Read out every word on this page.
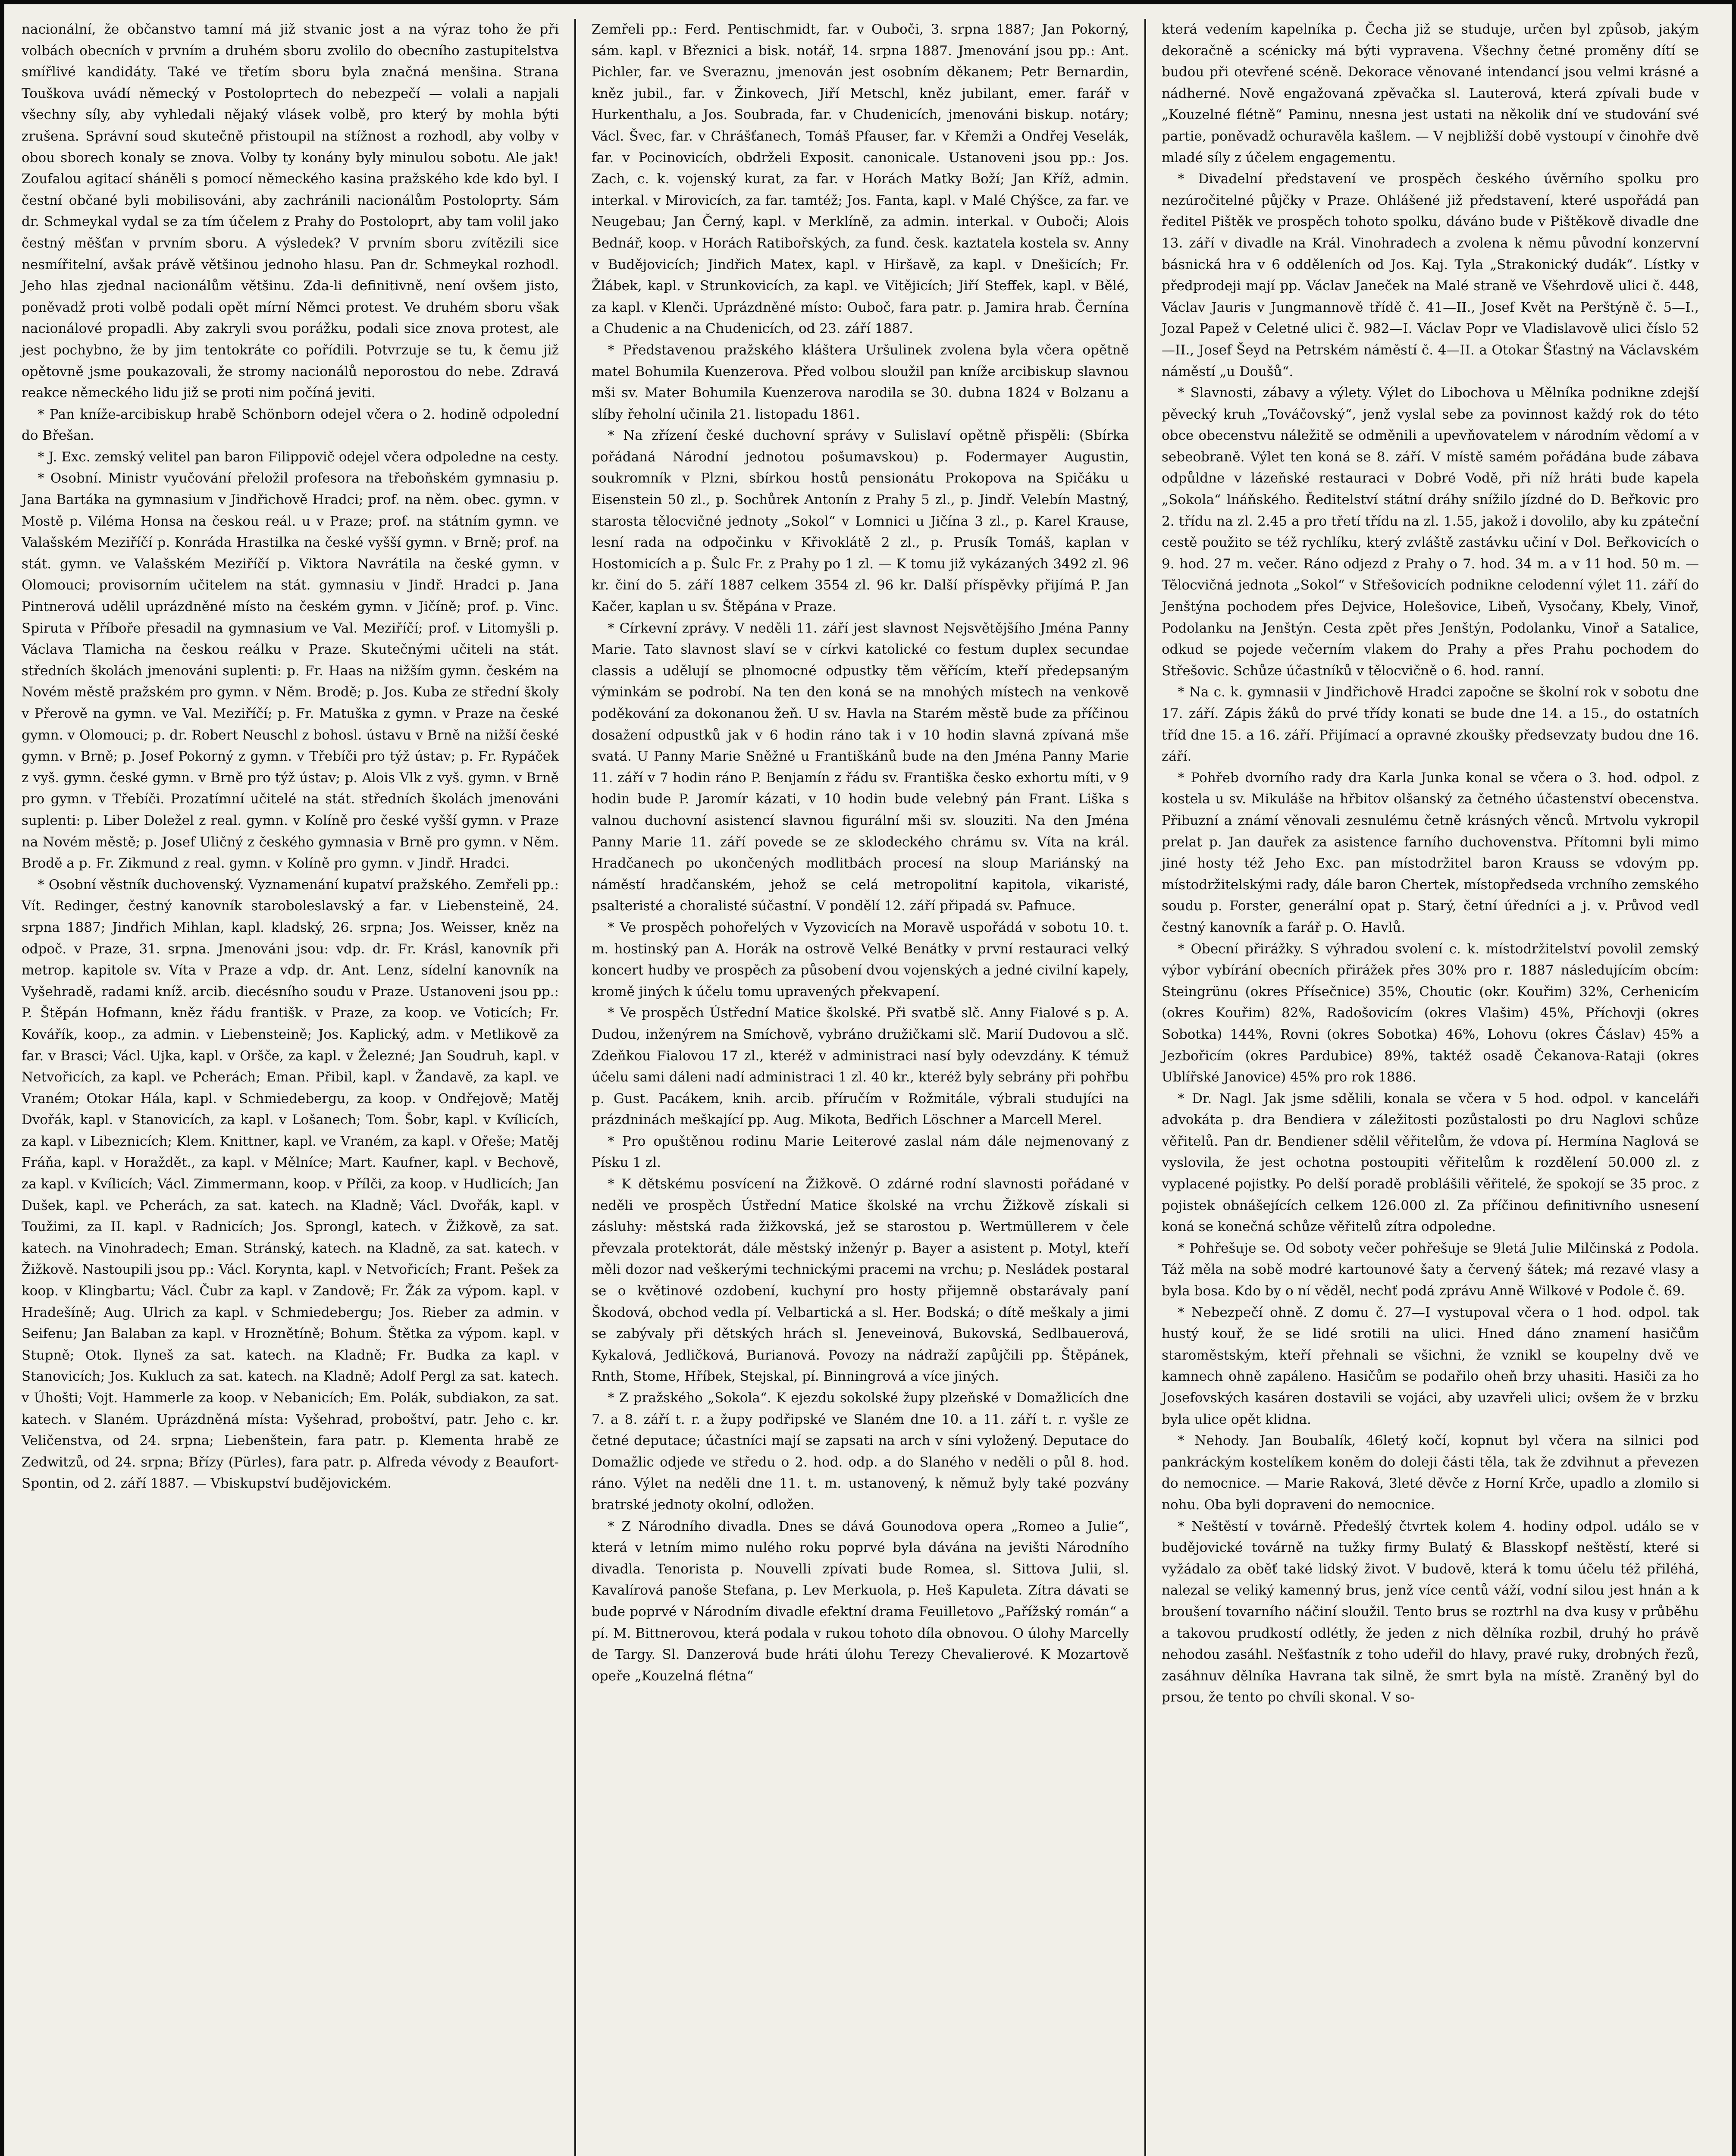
nacionální, že občanstvo tamní má již stvanic jost a na výraz toho že při volbách obecních v prvním a druhém sboru zvolilo do obecního zastupitelstva smířlivé kandidáty. Také ve třetím sboru byla značná menšina. Strana Touškova uvádí německý v Postoloprtech do nebezpečí — volali a napjali všechny síly, aby vyhledali nějaký vlásek volbě, pro který by mohla býti zrušena. Správní soud skutečně přistoupil na stížnost a rozhodl, aby volby v obou sborech konaly se znova. Volby ty konány byly minulou sobotu. Ale jak! Zoufalou agitací sháněli s pomocí německého kasina pražského kde kdo byl. I čestní občané byli mobilisováni, aby zachránili nacionálům Postoloprty. Sám dr. Schmeykal vydal se za tím účelem z Prahy do Postoloprt, aby tam volil jako čestný měšťan v prvním sboru. A výsledek? V prvním sboru zvítězili sice nesmířitelní, avšak právě většinou jednoho hlasu. Pan dr. Schmeykal rozhodl. Jeho hlas zjednal nacionálům většinu. Zda-li definitivně, není ovšem jisto, poněvadž proti volbě podali opět mírní Němci protest. Ve druhém sboru však nacionálové propadli. Aby zakryli svou porážku, podali sice znova protest, ale jest pochybno, že by jim tentokráte co pořídili. Potvrzuje se tu, k čemu již opětovně jsme poukazovali, že stromy nacionálů neporostou do nebe. Zdravá reakce německého lidu již se proti nim počíná jeviti.

* Pan kníže-arcibiskup hrabě Schönborn odejel včera o 2. hodině odpolední do Břešan.

* J. Exc. zemský velitel pan baron Filippovič odejel včera odpoledne na cesty.

* Osobní. Ministr vyučování přeložil profesora na třeboňském gymnasiu p. Jana Bartáka na gymnasium v Jindřichově Hradci; prof. na něm. obec. gymn. v Mostě p. Viléma Honsa na českou reál. u v Praze; prof. na státním gymn. ve Valašském Meziříčí p. Konráda Hrastilka na české vyšší gymn. v Brně; prof. na stát. gymn. ve Valašském Meziříčí p. Viktora Navrátila na české gymn. v Olomouci; provisorním učitelem na stát. gymnasiu v Jindř. Hradci p. Jana Pintnerová udělil uprázdněné místo na českém gymn. v Jičíně; prof. p. Vinc. Spiruta v Příboře přesadil na gymnasium ve Val. Meziříčí; prof. v Litomyšli p. Václava Tlamicha na českou reálku v Praze. Skutečnými učiteli na stát. středních školách jmenováni suplenti: p. Fr. Haas na nižším gymn. českém na Novém městě pražském pro gymn. v Něm. Brodě; p. Jos. Kuba ze střední školy v Přerově na gymn. ve Val. Meziříčí; p. Fr. Matuška z gymn. v Praze na české gymn. v Olomouci; p. dr. Robert Neuschl z bohosl. ústavu v Brně na nižší české gymn. v Brně; p. Josef Pokorný z gymn. v Třebíči pro týž ústav; p. Fr. Rypáček z vyš. gymn. české gymn. v Brně pro týž ústav; p. Alois Vlk z vyš. gymn. v Brně pro gymn. v Třebíči. Prozatímní učitelé na stát. středních školách jmenováni suplenti: p. Liber Doležel z real. gymn. v Kolíně pro české vyšší gymn. v Praze na Novém městě; p. Josef Uličný z českého gymnasia v Brně pro gymn. v Něm. Brodě a p. Fr. Zikmund z real. gymn. v Kolíně pro gymn. v Jindř. Hradci.

* Osobní věstník duchovenský. Vyznamenání kupatví pražského. Zemřeli pp.: Vít. Redinger, čestný kanovník staroboleslavský a far. v Liebensteině, 24. srpna 1887; Jindřich Mihlan, kapl. kladský, 26. srpna; Jos. Weisser, kněz na odpoč. v Praze, 31. srpna. Jmenováni jsou: vdp. dr. Fr. Krásl, kanovník při metrop. kapitole sv. Víta v Praze a vdp. dr. Ant. Lenz, sídelní kanovník na Vyšehradě, radami kníž. arcib. diecésního soudu v Praze. Ustanoveni jsou pp.: P. Štěpán Hofmann, kněz řádu františk. v Praze, za koop. ve Voticích; Fr. Kovářík, koop., za admin. v Liebensteině; Jos. Kaplický, adm. v Metlikově za far. v Brasci; Václ. Ujka, kapl. v Oršče, za kapl. v Železné; Jan Soudruh, kapl. v Netvořicích, za kapl. ve Pcherách; Eman. Přibil, kapl. v Žandavě, za kapl. ve Vraném; Otokar Hála, kapl. v Schmiedebergu, za koop. v Ondřejově; Matěj Dvořák, kapl. v Stanovicích, za kapl. v Lošanech; Tom. Šobr, kapl. v Kvílicích, za kapl. v Libeznicích; Klem. Knittner, kapl. ve Vraném, za kapl. v Ořeše; Matěj Fráňa, kapl. v Horaždět., za kapl. v Mělníce; Mart. Kaufner, kapl. v Bechově, za kapl. v Kvílicích; Václ. Zimmermann, koop. v Přílči, za koop. v Hudlicích; Jan Dušek, kapl. ve Pcherách, za sat. katech. na Kladně; Václ. Dvořák, kapl. v Toužimi, za II. kapl. v Radnicích; Jos. Sprongl, katech. v Žižkově, za sat. katech. na Vinohradech; Eman. Stránský, katech. na Kladně, za sat. katech. v Žižkově. Nastoupili jsou pp.: Václ. Korynta, kapl. v Netvořicích; Frant. Pešek za koop. v Klingbartu; Václ. Čubr za kapl. v Zandově; Fr. Žák za výpom. kapl. v Hradešíně; Aug. Ulrich za kapl. v Schmiedebergu; Jos. Rieber za admin. v Seifenu; Jan Balaban za kapl. v Hroznětíně; Bohum. Štětka za výpom. kapl. v Stupně; Otok. Ilyneš za sat. katech. na Kladně; Fr. Budka za kapl. v Stanovicích; Jos. Kukluch za sat. katech. na Kladně; Adolf Pergl za sat. katech. v Úhošti; Vojt. Hammerle za koop. v Nebanicích; Em. Polák, subdiakon, za sat. katech. v Slaném. Uprázdněná místa: Vyšehrad, proboštví, patr. Jeho c. kr. Veličenstva, od 24. srpna; Liebenštein, fara patr. p. Klementa hrabě ze Zedwitzů, od 24. srpna; Břízy (Pürles), fara patr. p. Alfreda vévody z Beaufort-Spontin, od 2. září 1887. — Vbiskupství budějovickém.

Zemřeli pp.: Ferd. Pentischmidt, far. v Ouboči, 3. srpna 1887; Jan Pokorný, sám. kapl. v Březnici a bisk. notář, 14. srpna 1887. Jmenování jsou pp.: Ant. Pichler, far. ve Sveraznu, jmenován jest osobním děkanem; Petr Bernardin, kněz jubil., far. v Žinkovech, Jiří Metschl, kněz jubilant, emer. farář v Hurkenthalu, a Jos. Soubrada, far. v Chudenicích, jmenováni biskup. notáry; Václ. Švec, far. v Chrášťanech, Tomáš Pfauser, far. v Křemži a Ondřej Veselák, far. v Pocinovicích, obdrželi Exposit. canonicale. Ustanoveni jsou pp.: Jos. Zach, c. k. vojenský kurat, za far. v Horách Matky Boží; Jan Kříž, admin. interkal. v Mirovicích, za far. tamtéž; Jos. Fanta, kapl. v Malé Chýšce, za far. ve Neugebau; Jan Černý, kapl. v Merklíně, za admin. interkal. v Ouboči; Alois Bednář, koop. v Horách Ratibořských, za fund. česk. kaztatela kostela sv. Anny v Budějovicích; Jindřich Matex, kapl. v Hiršavě, za kapl. v Dnešicích; Fr. Žlábek, kapl. v Strunkovicích, za kapl. ve Vitějicích; Jiří Steffek, kapl. v Bělé, za kapl. v Klenči. Uprázdněné místo: Ouboč, fara patr. p. Jamira hrab. Černína a Chudenic a na Chudenicích, od 23. září 1887.

* Představenou pražského kláštera Uršulinek zvolena byla včera opětně matel Bohumila Kuenzerova. Před volbou sloužil pan kníže arcibiskup slavnou mši sv. Mater Bohumila Kuenzerova narodila se 30. dubna 1824 v Bolzanu a slíby řeholní učinila 21. listopadu 1861.

* Na zřízení české duchovní správy v Sulislaví opětně přispěli: (Sbírka pořádaná Národní jednotou pošumavskou) p. Fodermayer Augustin, soukromník v Plzni, sbírkou hostů pensionátu Prokopova na Spičáku u Eisenstein 50 zl., p. Sochůrek Antonín z Prahy 5 zl., p. Jindř. Velebín Mastný, starosta tělocvičné jednoty „Sokol“ v Lomnici u Jičína 3 zl., p. Karel Krause, lesní rada na odpočinku v Křivoklátě 2 zl., p. Prusík Tomáš, kaplan v Hostomicích a p. Šulc Fr. z Prahy po 1 zl. — K tomu již vykázaných 3492 zl. 96 kr. činí do 5. září 1887 celkem 3554 zl. 96 kr. Další příspěvky přijímá P. Jan Kačer, kaplan u sv. Štěpána v Praze.

* Církevní zprávy. V neděli 11. září jest slavnost Nejsvětějšího Jména Panny Marie. Tato slavnost slaví se v církvi katolické co festum duplex secundae classis a udělují se plnomocné odpustky těm věřícím, kteří předepsaným výminkám se podrobí. Na ten den koná se na mnohých místech na venkově poděkování za dokonanou žeň. U sv. Havla na Starém městě bude za příčinou dosažení odpustků jak v 6 hodin ráno tak i v 10 hodin slavná zpívaná mše svatá. U Panny Marie Sněžné u Františkánů bude na den Jména Panny Marie 11. září v 7 hodin ráno P. Benjamín z řádu sv. Františka česko exhortu míti, v 9 hodin bude P. Jaromír kázati, v 10 hodin bude velebný pán Frant. Liška s valnou duchovní asistencí slavnou figurální mši sv. slouziti. Na den Jména Panny Marie 11. září povede se ze sklodeckého chrámu sv. Víta na král. Hradčanech po ukončených modlitbách procesí na sloup Mariánský na náměstí hradčanském, jehož se celá metropolitní kapitola, vikaristé, psalteristé a choralisté súčastní. V pondělí 12. září připadá sv. Pafnuce.

* Ve prospěch pohořelých v Vyzovicích na Moravě uspořádá v sobotu 10. t. m. hostinský pan A. Horák na ostrově Velké Benátky v první restauraci velký koncert hudby ve prospěch za působení dvou vojenských a jedné civilní kapely, kromě jiných k účelu tomu upravených překvapení.

* Ve prospěch Ústřední Matice školské. Při svatbě slč. Anny Fialové s p. A. Dudou, inženýrem na Smíchově, vybráno družičkami slč. Marií Dudovou a slč. Zdeňkou Fialovou 17 zl., kteréž v administraci nasí byly odevzdány. K témuž účelu sami dáleni nadí administraci 1 zl. 40 kr., kteréž byly sebrány při pohřbu p. Gust. Pacákem, knih. arcib. příručím v Rožmitále, výbrali studujíci na prázdninách meškající pp. Aug. Mikota, Bedřich Löschner a Marcell Merel.

* Pro opuštěnou rodinu Marie Leiterové zaslal nám dále nejmenovaný z Písku 1 zl.

* K dětskému posvícení na Žižkově. O zdárné rodní slavnosti pořádané v neděli ve prospěch Ústřední Matice školské na vrchu Žižkově získali si zásluhy: městská rada žižkovská, jež se starostou p. Wertmüllerem v čele převzala protektorát, dále městský inženýr p. Bayer a asistent p. Motyl, kteří měli dozor nad veškerými technickými pracemi na vrchu; p. Nesládek postaral se o květinové ozdobení, kuchyní pro hosty přijemně obstarávaly paní Škodová, obchod vedla pí. Velbartická a sl. Her. Bodská; o dítě meškaly a jimi se zabývaly při dětských hrách sl. Jeneveinová, Bukovská, Sedlbauerová, Kykalová, Jedličková, Burianová. Povozy na nádraží zapůjčili pp. Štěpánek, Rnth, Stome, Hříbek, Stejskal, pí. Binningrová a více jiných.

* Z pražského „Sokola“. K ejezdu sokolské župy plzeňské v Domažlicích dne 7. a 8. září t. r. a župy podřipské ve Slaném dne 10. a 11. září t. r. vyšle ze četné deputace; účastníci mají se zapsati na arch v síni vyložený. Deputace do Domažlic odjede ve středu o 2. hod. odp. a do Slaného v neděli o půl 8. hod. ráno. Výlet na neděli dne 11. t. m. ustanovený, k němuž byly také pozvány bratrské jednoty okolní, odložen.

* Z Národního divadla. Dnes se dává Gounodova opera „Romeo a Julie“, která v letním mimo nulého roku poprvé byla dávána na jevišti Národního divadla. Tenorista p. Nouvelli zpívati bude Romea, sl. Sittova Julii, sl. Kavalírová panoše Stefana, p. Lev Merkuola, p. Heš Kapuleta. Zítra dávati se bude poprvé v Národním divadle efektní drama Feuilletovo „Pařížský román“ a pí. M. Bittnerovou, která podala v rukou tohoto díla obnovou. O úlohy Marcelly de Targy. Sl. Danzerová bude hráti úlohu Terezy Chevalierové. K Mozartově opeře „Kouzelná flétna“

která vedením kapelníka p. Čecha již se studuje, určen byl způsob, jakým dekoračně a scénicky má býti vypravena. Všechny četné proměny dítí se budou při otevřené scéně. Dekorace věnované intendancí jsou velmi krásné a nádherné. Nově engažovaná zpěvačka sl. Lauterová, která zpívali bude v „Kouzelné flétně“ Paminu, nnesna jest ustati na několik dní ve studování své partie, poněvadž ochuravěla kašlem. — V nejbližší době vystoupí v činohře dvě mladé síly z účelem engagementu.

* Divadelní představení ve prospěch českého úvěrního spolku pro nezúročitelné půjčky v Praze. Ohlášené již představení, které uspořádá pan ředitel Pištěk ve prospěch tohoto spolku, dáváno bude v Pištěkově divadle dne 13. září v divadle na Král. Vinohradech a zvolena k němu původní konzervní básnická hra v 6 odděleních od Jos. Kaj. Tyla „Strakonický dudák“. Lístky v předprodeji mají pp. Václav Janeček na Malé straně ve Všehrdově ulici č. 448, Václav Jauris v Jungmannově třídě č. 41—II., Josef Květ na Perštýně č. 5—I., Jozal Papež v Celetné ulici č. 982—I. Václav Popr ve Vladislavově ulici číslo 52—II., Josef Šeyd na Petrském náměstí č. 4—II. a Otokar Šťastný na Václavském náměstí „u Doušů“.

* Slavnosti, zábavy a výlety. Výlet do Libochova u Mělníka podnikne zdejší pěvecký kruh „Továčovský“, jenž vyslal sebe za povinnost každý rok do této obce obecenstvu náležitě se odměnili a upevňovatelem v národním vědomí a v sebeobraně. Výlet ten koná se 8. září. V místě samém pořádána bude zábava odpůldne v lázeňské restauraci v Dobré Vodě, při níž hráti bude kapela „Sokola“ lnáňského. Ředitelství státní dráhy snížilo jízdné do D. Beřkovic pro 2. třídu na zl. 2.45 a pro třetí třídu na zl. 1.55, jakož i dovolilo, aby ku zpáteční cestě použito se též rychlíku, který zvláště zastávku učiní v Dol. Beřkovicích o 9. hod. 27 m. večer. Ráno odjezd z Prahy o 7. hod. 34 m. a v 11 hod. 50 m. — Tělocvičná jednota „Sokol“ v Střešovicích podnikne celodenní výlet 11. září do Jenštýna pochodem přes Dejvice, Holešovice, Libeň, Vysočany, Kbely, Vinoř, Podolanku na Jenštýn. Cesta zpět přes Jenštýn, Podolanku, Vinoř a Satalice, odkud se pojede večerním vlakem do Prahy a přes Prahu pochodem do Střešovic. Schůze účastníků v tělocvičně o 6. hod. ranní.

* Na c. k. gymnasii v Jindřichově Hradci započne se školní rok v sobotu dne 17. září. Zápis žáků do prvé třídy konati se bude dne 14. a 15., do ostatních tříd dne 15. a 16. září. Přijímací a opravné zkoušky předsevzaty budou dne 16. září.

* Pohřeb dvorního rady dra Karla Junka konal se včera o 3. hod. odpol. z kostela u sv. Mikuláše na hřbitov olšanský za četného účastenství obecenstva. Přibuzní a známí věnovali zesnulému četně krásných věnců. Mrtvolu vykropil prelat p. Jan dauřek za asistence farního duchovenstva. Přítomni byli mimo jiné hosty též Jeho Exc. pan místodržitel baron Krauss se vdovým pp. místodržitelskými rady, dále baron Chertek, místopředseda vrchního zemského soudu p. Forster, generální opat p. Starý, četní úředníci a j. v. Průvod vedl čestný kanovník a farář p. O. Havlů.

* Obecní přirážky. S výhradou svolení c. k. místodržitelství povolil zemský výbor vybírání obecních přirážek přes 30% pro r. 1887 následujícím obcím: Steingrünu (okres Přísečnice) 35%, Choutic (okr. Kouřim) 32%, Cerhenicím (okres Kouřim) 82%, Radošovicím (okres Vlašim) 45%, Příchovji (okres Sobotka) 144%, Rovni (okres Sobotka) 46%, Lohovu (okres Čáslav) 45% a Jezbořicím (okres Pardubice) 89%, taktéž osadě Čekanova-Rataji (okres Ublířské Janovice) 45% pro rok 1886.

* Dr. Nagl. Jak jsme sdělili, konala se včera v 5 hod. odpol. v kanceláři advokáta p. dra Bendiera v záležitosti pozůstalosti po dru Naglovi schůze věřitelů. Pan dr. Bendiener sdělil věřitelům, že vdova pí. Hermína Naglová se vyslovila, že jest ochotna postoupiti věřitelům k rozdělení 50.000 zl. z vyplacené pojistky. Po delší poradě problášili věřitelé, že spokojí se 35 proc. z pojistek obnášejících celkem 126.000 zl. Za příčinou definitivního usnesení koná se konečná schůze věřitelů zítra odpoledne.

* Pohřešuje se. Od soboty večer pohřešuje se 9letá Julie Milčinská z Podola. Táž měla na sobě modré kartounové šaty a červený šátek; má rezavé vlasy a byla bosa. Kdo by o ní věděl, nechť podá zprávu Anně Wilkové v Podole č. 69.

* Nebezpečí ohně. Z domu č. 27—I vystupoval včera o 1 hod. odpol. tak hustý kouř, že se lidé srotili na ulici. Hned dáno znamení hasičům staroměstským, kteří přehnali se všichni, že vznikl se koupelny dvě ve kamnech ohně zapáleno. Hasičům se podařilo oheň brzy uhasiti. Hasiči za ho Josefovských kasáren dostavili se vojáci, aby uzavřeli ulici; ovšem že v brzku byla ulice opět klidna.

* Nehody. Jan Boubalík, 46letý kočí, kopnut byl včera na silnici pod pankráckým kostelíkem koněm do doleji části těla, tak že zdvihnut a převezen do nemocnice. — Marie Raková, 3leté děvče z Horní Krče, upadlo a zlomilo si nohu. Oba byli dopraveni do nemocnice.

* Neštěstí v továrně. Předešlý čtvrtek kolem 4. hodiny odpol. událo se v budějovické továrně na tužky firmy Bulatý & Blasskopf neštěstí, které si vyžádalo za oběť také lidský život. V budově, která k tomu účelu též přiléhá, nalezal se veliký kamenný brus, jenž více centů váží, vodní silou jest hnán a k broušení tovarního náčiní sloužil. Tento brus se roztrhl na dva kusy v průběhu a takovou prudkostí odlétly, že jeden z nich dělníka rozbil, druhý ho právě nehodou zasáhl. Nešťastník z toho udeřil do hlavy, pravé ruky, drobných řezů, zasáhnuv dělníka Havrana tak silně, že smrt byla na místě. Zraněný byl do prsou, že tento po chvíli skonal. V so-
